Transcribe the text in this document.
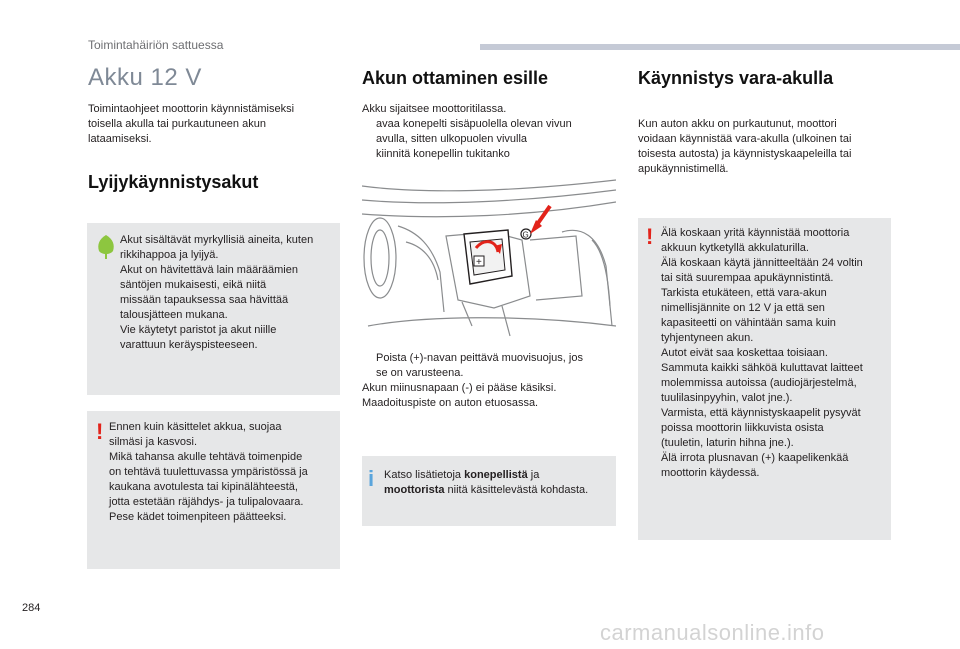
Toimintahäiriön sattuessa
Akku 12 V
Toimintaohjeet moottorin käynnistämiseksi
toisella akulla tai purkautuneen akun
lataamiseksi.
Lyijykäynnistysakut
Akut sisältävät myrkyllisiä aineita, kuten
rikkihappoa ja lyijyä.
Akut on hävitettävä lain määräämien
säntöjen mukaisesti, eikä niitä
missään tapauksessa saa hävittää
talousjätteen mukana.
Vie käytetyt paristot ja akut niille
varattuun keräyspisteeseen.
! Ennen kuin käsittelet akkua, suojaa
silmäsi ja kasvosi.
Mikä tahansa akulle tehtävä toimenpide
on tehtävä tuulettuvassa ympäristössä ja
kaukana avotulesta tai kipinälähteestä,
jotta estetään räjähdys- ja tulipalovaara.
Pese kädet toimenpiteen päätteeksi.
Akun ottaminen esille
Akku sijaitsee moottoritilassa.
avaa konepelti sisäpuolella olevan vivun
avulla, sitten ulkopuolen vivulla
kiinnitä konepellin tukitanko
+
G
Poista (+)-navan peittävä muovisuojus, jos
se on varusteena.
Akun miinusnapaan (-) ei pääse käsiksi.
Maadoituspiste on auton etuosassa.
i Katso lisätietoja konepellistä ja
moottorista niitä käsittelevästä kohdasta.
Käynnistys vara-akulla
Kun auton akku on purkautunut, moottori
voidaan käynnistää vara-akulla (ulkoinen tai
toisesta autosta) ja käynnistyskaapeleilla tai
apukäynnistimellä.
! Älä koskaan yritä käynnistää moottoria
akkuun kytketyllä akkulaturilla.
Älä koskaan käytä jännitteeltään 24 voltin
tai sitä suurempaa apukäynnistintä.
Tarkista etukäteen, että vara-akun
nimellisjännite on 12 V ja että sen
kapasiteetti on vähintään sama kuin
tyhjentyneen akun.
Autot eivät saa koskettaa toisiaan.
Sammuta kaikki sähköä kuluttavat laitteet
molemmissa autoissa (audiojärjestelmä,
tuulilasinpyyhin, valot jne.).
Varmista, että käynnistyskaapelit pysyvät
poissa moottorin liikkuvista osista
(tuuletin, laturin hihna jne.).
Älä irrota plusnavan (+) kaapelikenkää
moottorin käydessä.
284
carmanualsonline.info
